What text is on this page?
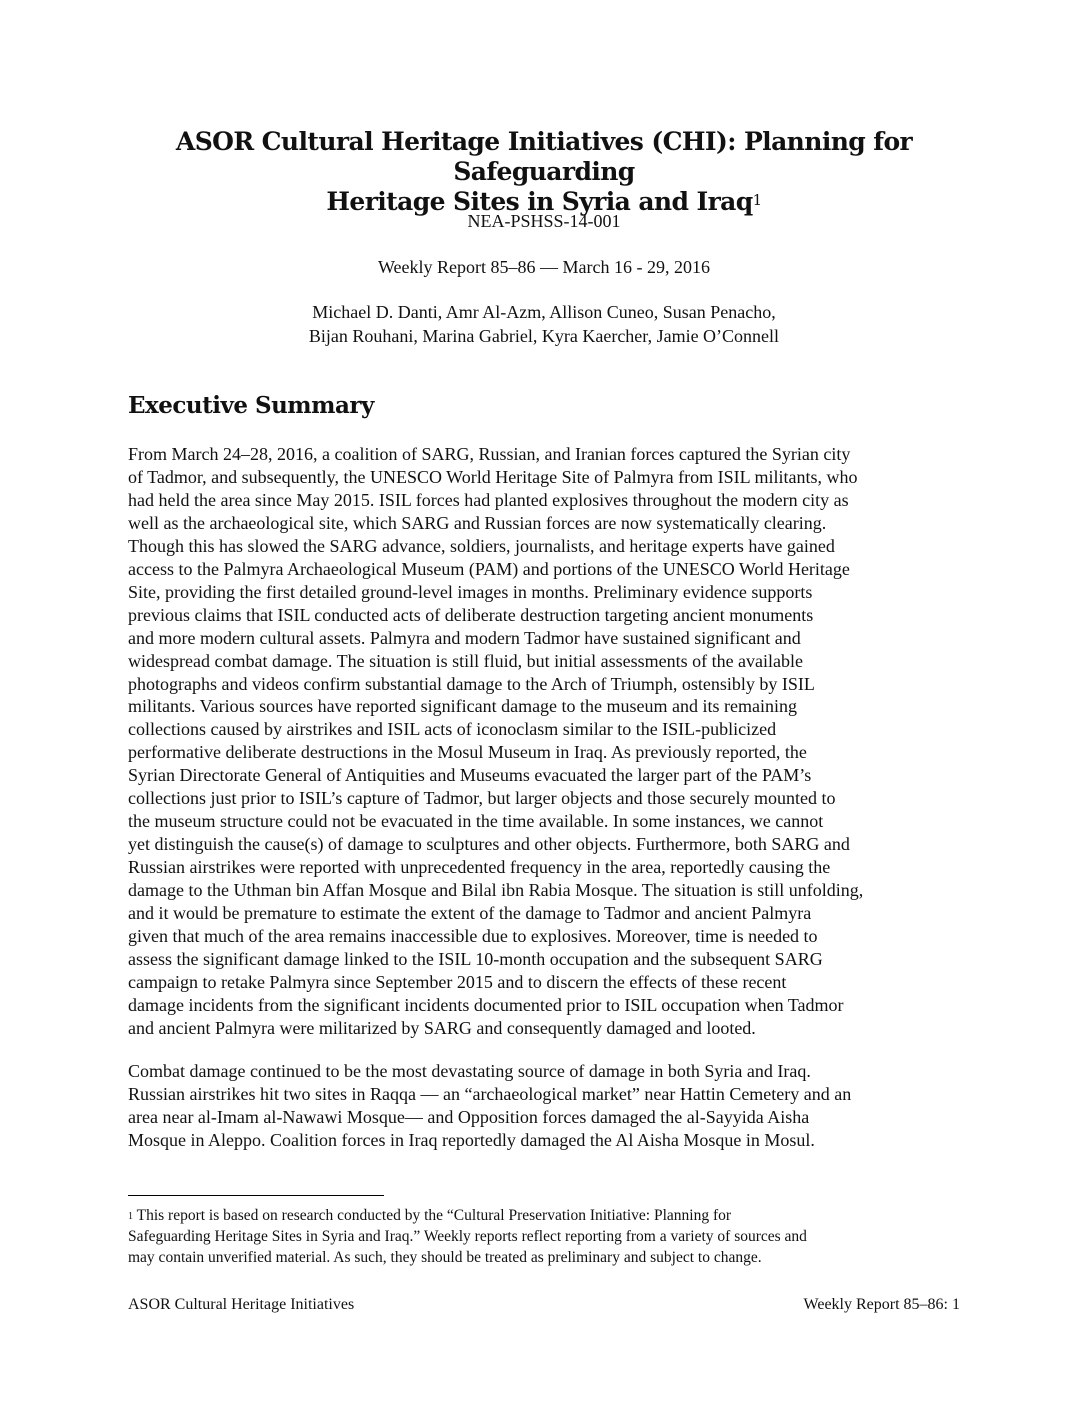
ASOR Cultural Heritage Initiatives (CHI): Planning for Safeguarding
Heritage Sites in Syria and Iraq$^1$
NEA-PSHSS-14-001
Weekly Report 85–86 — March 16 - 29, 2016
Michael D. Danti, Amr Al-Azm, Allison Cuneo, Susan Penacho,
Bijan Rouhani, Marina Gabriel, Kyra Kaercher, Jamie O’Connell
Executive Summary
From March 24–28, 2016, a coalition of SARG, Russian, and Iranian forces captured the Syrian city
of Tadmor, and subsequently, the UNESCO World Heritage Site of Palmyra from ISIL militants, who
had held the area since May 2015. ISIL forces had planted explosives throughout the modern city as
well as the archaeological site, which SARG and Russian forces are now systematically clearing.
Though this has slowed the SARG advance, soldiers, journalists, and heritage experts have gained
access to the Palmyra Archaeological Museum (PAM) and portions of the UNESCO World Heritage
Site, providing the first detailed ground-level images in months. Preliminary evidence supports
previous claims that ISIL conducted acts of deliberate destruction targeting ancient monuments
and more modern cultural assets. Palmyra and modern Tadmor have sustained significant and
widespread combat damage. The situation is still fluid, but initial assessments of the available
photographs and videos confirm substantial damage to the Arch of Triumph, ostensibly by ISIL
militants. Various sources have reported significant damage to the museum and its remaining
collections caused by airstrikes and ISIL acts of iconoclasm similar to the ISIL-publicized
performative deliberate destructions in the Mosul Museum in Iraq. As previously reported, the
Syrian Directorate General of Antiquities and Museums evacuated the larger part of the PAM’s
collections just prior to ISIL’s capture of Tadmor, but larger objects and those securely mounted to
the museum structure could not be evacuated in the time available. In some instances, we cannot
yet distinguish the cause(s) of damage to sculptures and other objects. Furthermore, both SARG and
Russian airstrikes were reported with unprecedented frequency in the area, reportedly causing the
damage to the Uthman bin Affan Mosque and Bilal ibn Rabia Mosque. The situation is still unfolding,
and it would be premature to estimate the extent of the damage to Tadmor and ancient Palmyra
given that much of the area remains inaccessible due to explosives. Moreover, time is needed to
assess the significant damage linked to the ISIL 10-month occupation and the subsequent SARG
campaign to retake Palmyra since September 2015 and to discern the effects of these recent
damage incidents from the significant incidents documented prior to ISIL occupation when Tadmor
and ancient Palmyra were militarized by SARG and consequently damaged and looted.
Combat damage continued to be the most devastating source of damage in both Syria and Iraq.
Russian airstrikes hit two sites in Raqqa — an “archaeological market” near Hattin Cemetery and an
area near al-Imam al-Nawawi Mosque— and Opposition forces damaged the al-Sayyida Aisha
Mosque in Aleppo. Coalition forces in Iraq reportedly damaged the Al Aisha Mosque in Mosul.
$^1$ This report is based on research conducted by the “Cultural Preservation Initiative: Planning for
Safeguarding Heritage Sites in Syria and Iraq.” Weekly reports reflect reporting from a variety of sources and
may contain unverified material. As such, they should be treated as preliminary and subject to change.
ASOR Cultural Heritage Initiatives	Weekly Report 85–86: 1
